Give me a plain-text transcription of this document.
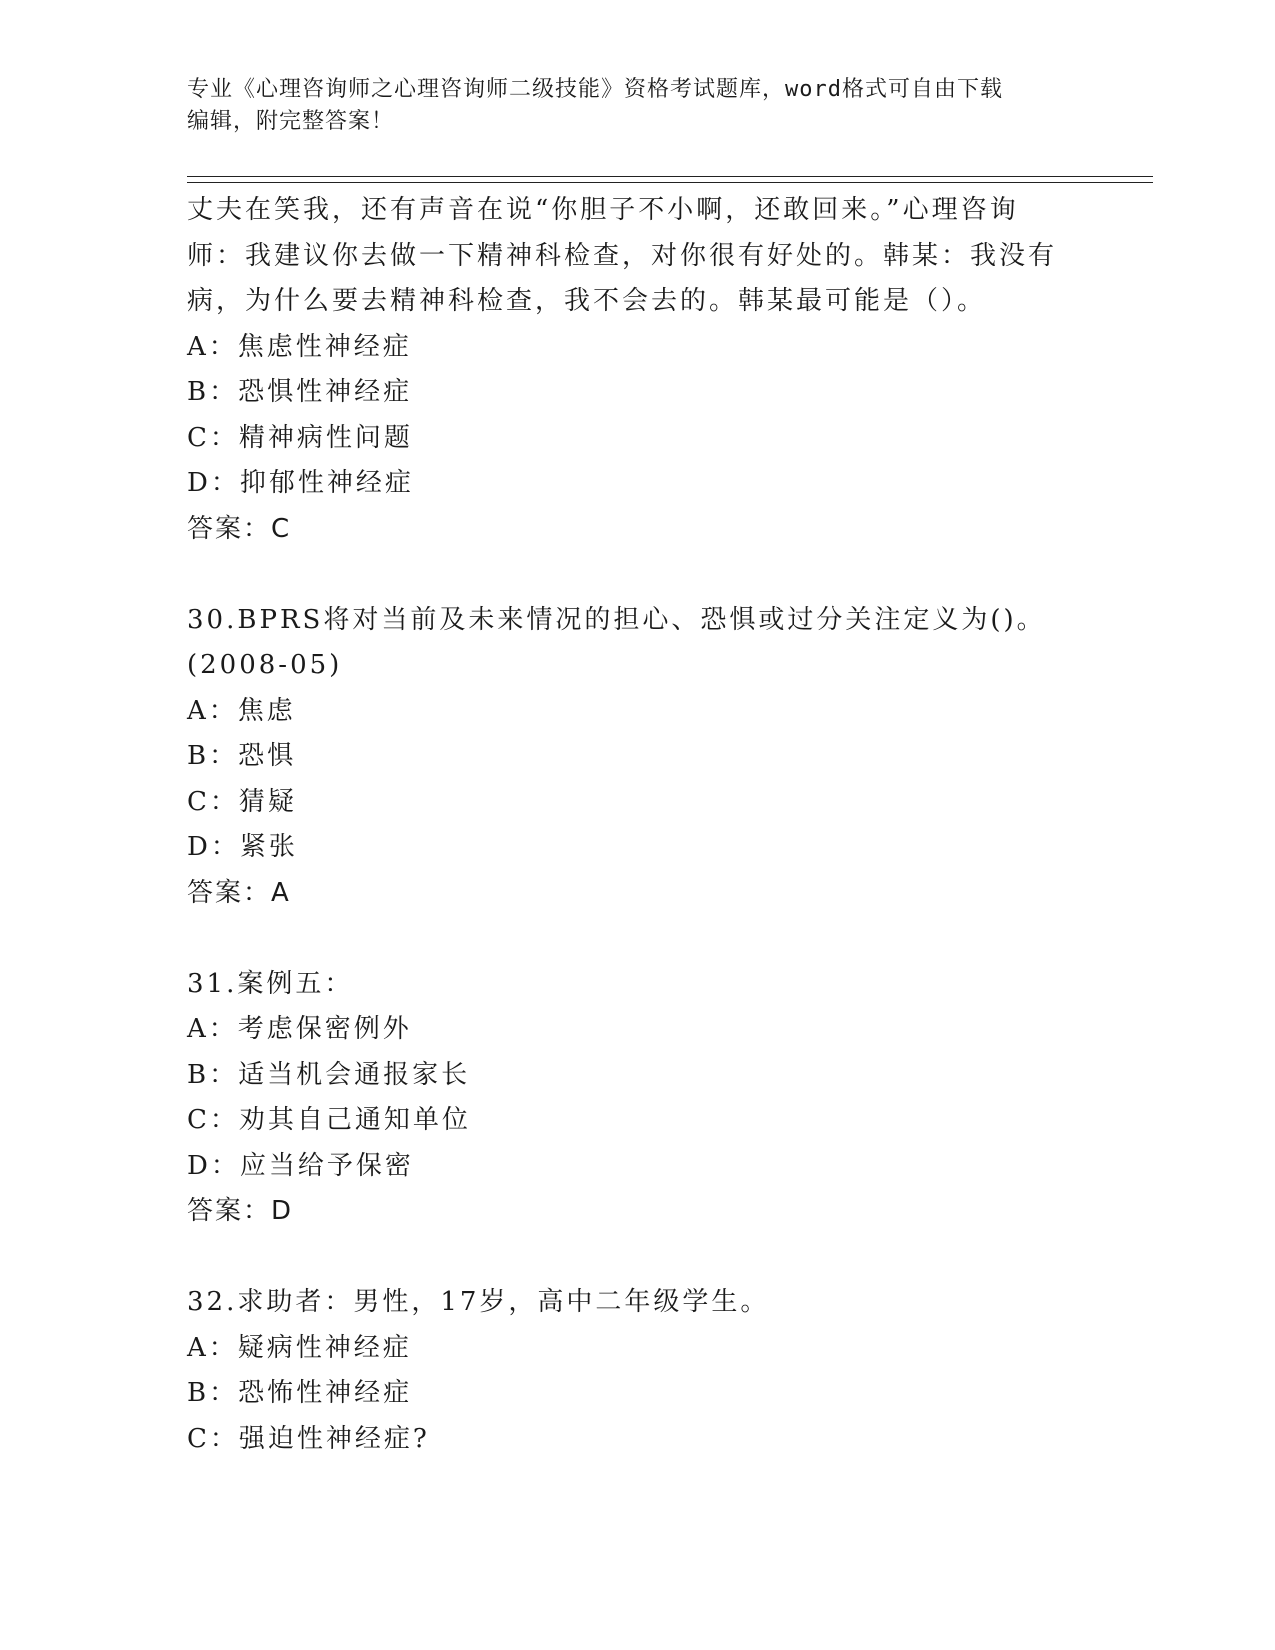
专业《心理咨询师之心理咨询师二级技能》资格考试题库，word格式可自由下载
编辑，附完整答案！
丈夫在笑我，还有声音在说“你胆子不小啊，还敢回来。”心理咨询
师：我建议你去做一下精神科检查，对你很有好处的。韩某：我没有
病，为什么要去精神科检查，我不会去的。韩某最可能是（）。
A：焦虑性神经症
B：恐惧性神经症
C：精神病性问题
D：抑郁性神经症
答案：C
30.BPRS将对当前及未来情况的担心、恐惧或过分关注定义为()。
(2008-05)
A：焦虑
B：恐惧
C：猜疑
D：紧张
答案：A
31.案例五：
A：考虑保密例外
B：适当机会通报家长
C：劝其自己通知单位
D：应当给予保密
答案：D
32.求助者：男性，17岁，高中二年级学生。
A：疑病性神经症
B：恐怖性神经症
C：强迫性神经症?
